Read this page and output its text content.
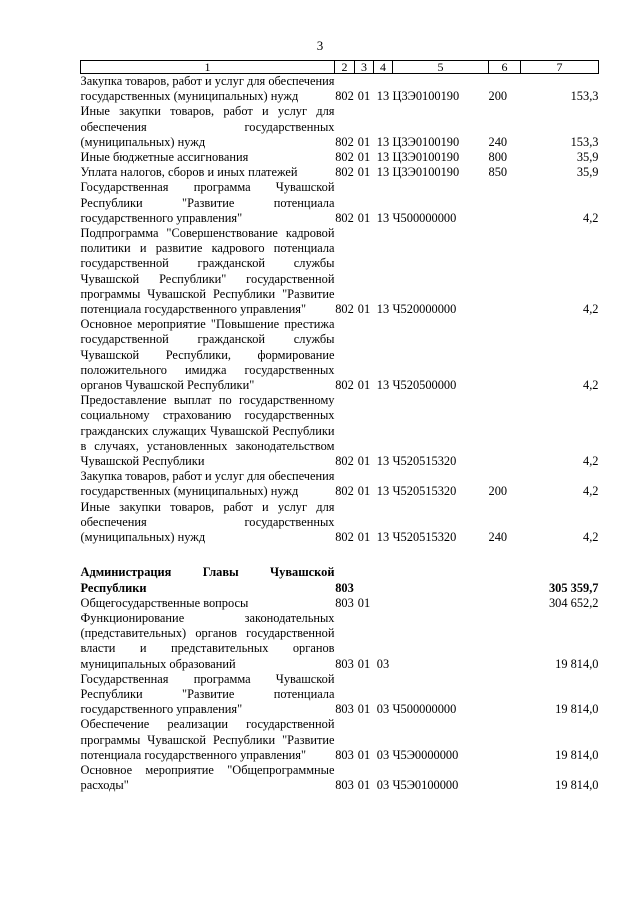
3
1	2	3	4	5	6	7
Закупка товаров, работ и услуг для обеспечения государственных (муниципальных) нужд	802	01	13	Ц3Э0100190	200	153,3
Иные закупки товаров, работ и услуг для обеспечения государственных (муниципальных) нужд	802	01	13	Ц3Э0100190	240	153,3
Иные бюджетные ассигнования	802	01	13	Ц3Э0100190	800	35,9
Уплата налогов, сборов и иных платежей	802	01	13	Ц3Э0100190	850	35,9
Государственная программа Чувашской Республики "Развитие потенциала государственного управления"	802	01	13	Ч500000000		4,2
Подпрограмма "Совершенствование кадровой политики и развитие кадрового потенциала государственной гражданской службы Чувашской Республики" государственной программы Чувашской Республики "Развитие потенциала государственного управления"	802	01	13	Ч520000000		4,2
Основное мероприятие "Повышение престижа государственной гражданской службы Чувашской Республики, формирование положительного имиджа государственных органов Чувашской Республики"	802	01	13	Ч520500000		4,2
Предоставление выплат по государственному социальному страхованию государственных гражданских служащих Чувашской Республики в случаях, установленных законодательством Чувашской Республики	802	01	13	Ч520515320		4,2
Закупка товаров, работ и услуг для обеспечения государственных (муниципальных) нужд	802	01	13	Ч520515320	200	4,2
Иные закупки товаров, работ и услуг для обеспечения государственных (муниципальных) нужд	802	01	13	Ч520515320	240	4,2

Администрация Главы Чувашской Республики	803					305 359,7
Общегосударственные вопросы	803	01				304 652,2
Функционирование законодательных (представительных) органов государственной власти и представительных органов муниципальных образований	803	01	03			19 814,0
Государственная программа Чувашской Республики "Развитие потенциала государственного управления"	803	01	03	Ч500000000		19 814,0
Обеспечение реализации государственной программы Чувашской Республики "Развитие потенциала государственного управления"	803	01	03	Ч5Э0000000		19 814,0
Основное мероприятие "Общепрограммные расходы"	803	01	03	Ч5Э0100000		19 814,0
